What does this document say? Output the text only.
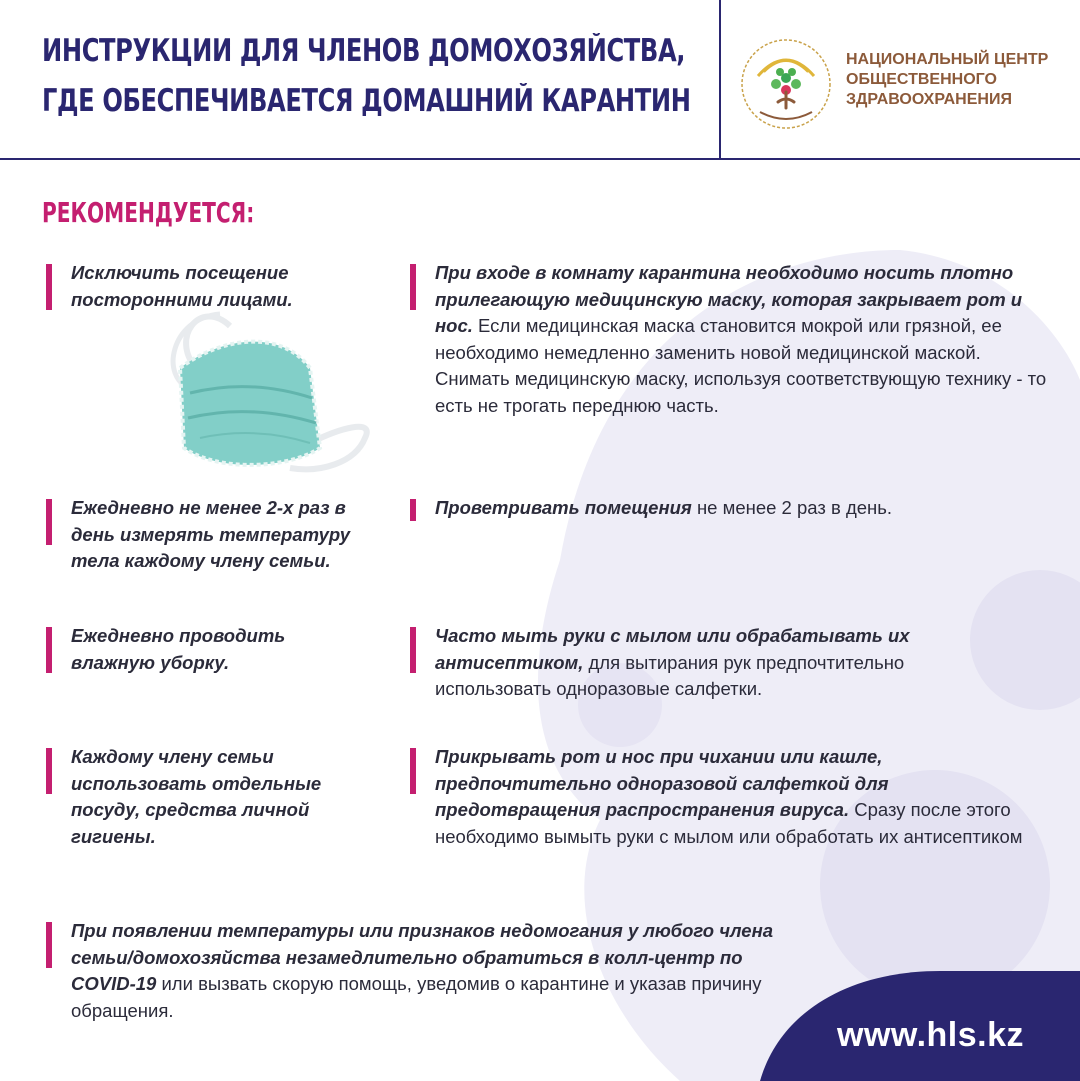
ИНСТРУКЦИИ ДЛЯ ЧЛЕНОВ ДОМОХОЗЯЙСТВА,
ГДЕ ОБЕСПЕЧИВАЕТСЯ ДОМАШНИЙ КАРАНТИН
НАЦИОНАЛЬНЫЙ ЦЕНТР
ОБЩЕСТВЕННОГО
ЗДРАВООХРАНЕНИЯ
РЕКОМЕНДУЕТСЯ:
Исключить посещение посторонними лицами.
Ежедневно не менее 2-х раз в день измерять температуру тела каждому члену семьи.
Ежедневно проводить влажную уборку.
Каждому члену семьи использовать отдельные посуду, средства личной гигиены.
При входе в комнату карантина необходимо носить плотно прилегающую медицинскую маску, которая закрывает рот и нос. Если медицинская маска становится мокрой или грязной, ее необходимо немедленно заменить новой медицинской маской. Снимать медицинскую маску, используя соответствующую технику - то есть не трогать переднюю часть.
Проветривать помещения не менее 2 раз в день.
Часто мыть руки с мылом или обрабатывать их антисептиком, для вытирания рук предпочтительно использовать одноразовые салфетки.
Прикрывать рот и нос при чихании или кашле, предпочтительно одноразовой салфеткой для предотвращения распространения вируса. Сразу после этого необходимо вымыть руки с мылом или обработать их антисептиком
При появлении температуры или признаков недомогания у любого члена семьи/домохозяйства незамедлительно обратиться в колл-центр по COVID-19 или вызвать скорую помощь, уведомив о карантине и указав причину обращения.
www.hls.kz
